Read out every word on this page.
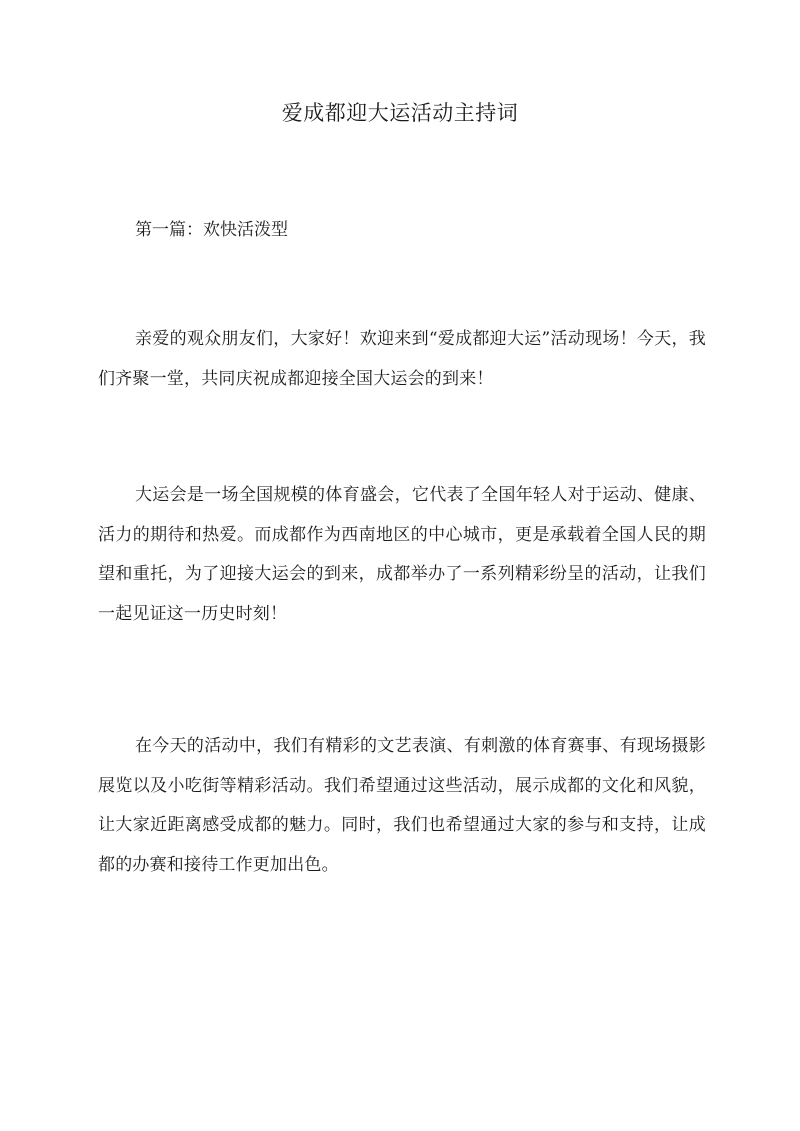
爱成都迎大运活动主持词
第一篇：欢快活泼型

亲爱的观众朋友们，大家好！欢迎来到“爱成都迎大运”活动现场！今天，我们齐聚一堂，共同庆祝成都迎接全国大运会的到来！

大运会是一场全国规模的体育盛会，它代表了全国年轻人对于运动、健康、活力的期待和热爱。而成都作为西南地区的中心城市，更是承载着全国人民的期望和重托，为了迎接大运会的到来，成都举办了一系列精彩纷呈的活动，让我们一起见证这一历史时刻！

在今天的活动中，我们有精彩的文艺表演、有刺激的体育赛事、有现场摄影展览以及小吃街等精彩活动。我们希望通过这些活动，展示成都的文化和风貌，让大家近距离感受成都的魅力。同时，我们也希望通过大家的参与和支持，让成都的办赛和接待工作更加出色。
